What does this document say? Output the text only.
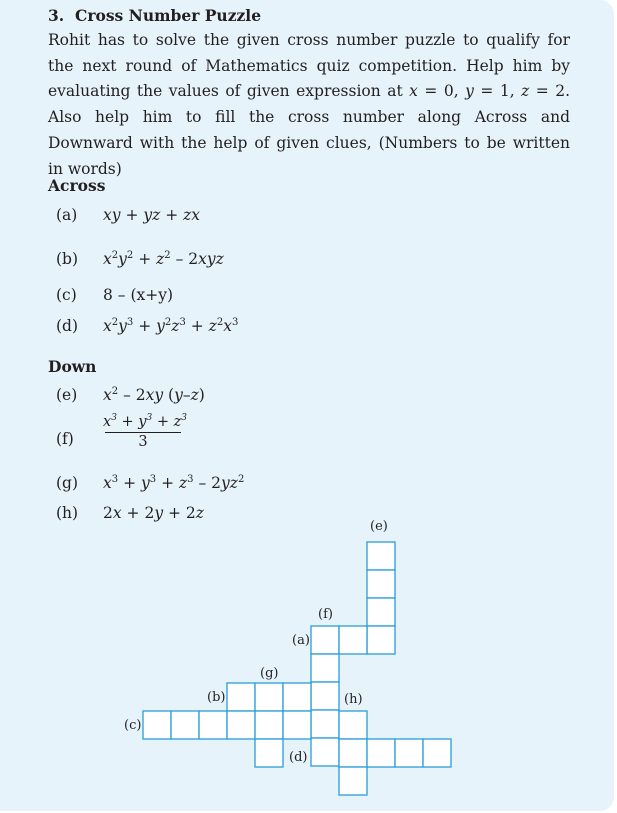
3. Cross Number Puzzle
Rohit has to solve the given cross number puzzle to qualify for the next round of Mathematics quiz competition. Help him by evaluating the values of given expression at x = 0, y = 1, z = 2. Also help him to fill the cross number along Across and Downward with the help of given clues, (Numbers to be written in words)
Across
(a) xy + yz + zx
(b) $x^2y^2 + z^2 - 2xyz$
(c) 8 – (x+y)
(d) $x^2y^3 + y^2z^3 + z^2x^3$
Down
(e) $x^2 - 2xy$ (y–z)
(f)
$x^3 + y^3 + z^3$
3
(g) $x^3 + y^3 + z^3 - 2yz^2$
(h) 2x + 2y + 2z
(e)
(f)
(a)
(g)
(b)	(h)
(c)
(d)
